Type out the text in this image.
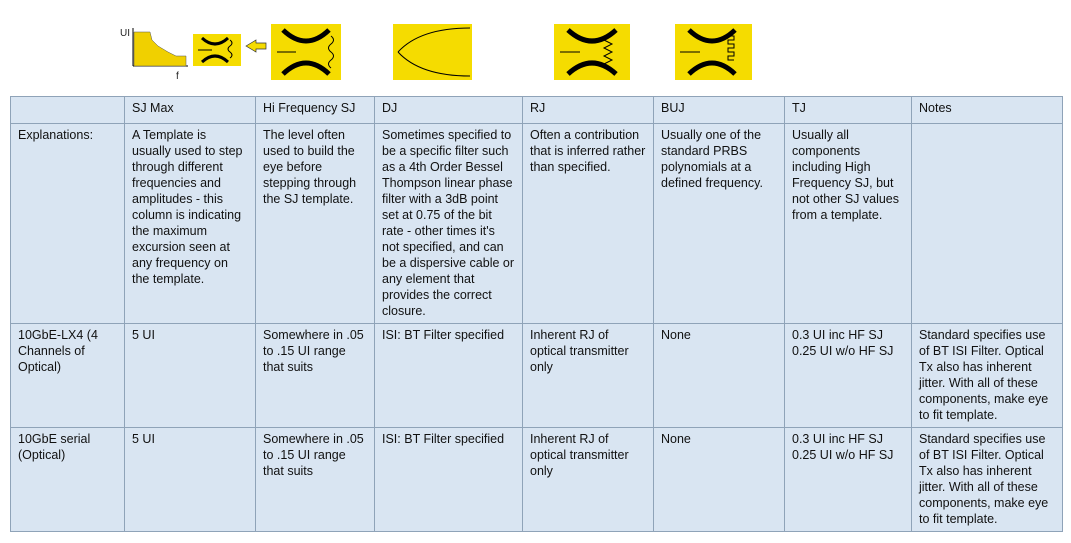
UI
f
	SJ Max	Hi Frequency SJ	DJ	RJ	BUJ	TJ	Notes
Explanations:	A Template is usually used to step through different frequencies and amplitudes - this column is indicating the maximum excursion seen at any frequency on the template.	The level often used to build the eye before stepping through the SJ template.	Sometimes specified to be a specific filter such as a 4th Order Bessel Thompson linear phase filter with a 3dB point set at 0.75 of the bit rate - other times it's not specified, and can be a dispersive cable or any element that provides the correct closure.	Often a contribution that is inferred rather than specified.	Usually one of the standard PRBS polynomials at a defined frequency.	Usually all components including High Frequency SJ, but not other SJ values from a template.	
10GbE-LX4 (4 Channels of Optical)	5 UI	Somewhere in .05 to .15 UI range that suits	ISI: BT Filter specified	Inherent RJ of optical transmitter only	None	0.3 UI inc HF SJ 0.25 UI w/o HF SJ	Standard specifies use of BT ISI Filter. Optical Tx also has inherent jitter. With all of these components, make eye to fit template.
10GbE serial (Optical)	5 UI	Somewhere in .05 to .15 UI range that suits	ISI: BT Filter specified	Inherent RJ of optical transmitter only	None	0.3 UI inc HF SJ 0.25 UI w/o HF SJ	Standard specifies use of BT ISI Filter. Optical Tx also has inherent jitter. With all of these components, make eye to fit template.
